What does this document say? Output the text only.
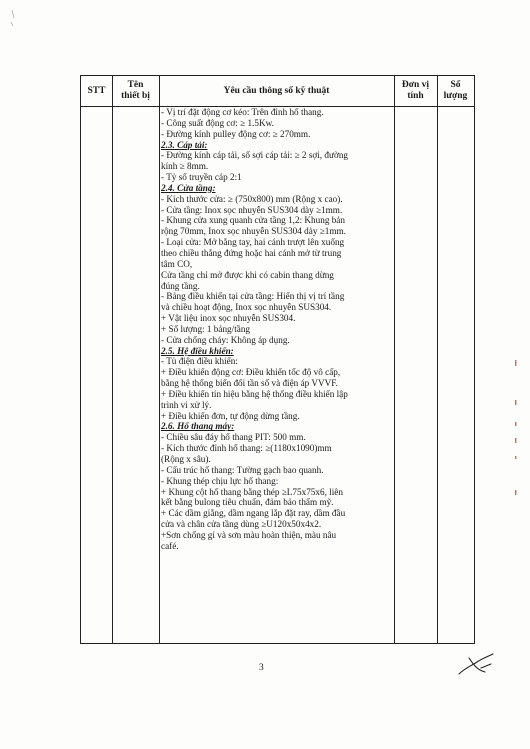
STT
Tên
thiết bị
Yêu cầu thông số kỹ thuật
Đơn vị
tính
Số
lượng
- Vị trí đặt động cơ kéo: Trên đỉnh hố thang.
- Công suất động cơ: ≥ 1.5Kw.
- Đường kính pulley động cơ: ≥ 270mm.
2.3. Cáp tải:
- Đường kính cáp tải, số sợi cáp tải: ≥ 2 sợi, đường
kính ≥ 8mm.
- Tỷ số truyền cáp 2:1
2.4. Cửa tầng:
- Kích thước cửa: ≥ (750x800) mm (Rộng x cao).
- Cửa tầng: Inox sọc nhuyễn SUS304 dày ≥1mm.
- Khung cửa xung quanh cửa tầng 1,2: Khung bản
rộng 70mm, Inox sọc nhuyễn SUS304 dày ≥1mm.
- Loại cửa: Mở bằng tay, hai cánh trượt lên xuống
theo chiều thẳng đứng hoặc hai cánh mở từ trung
tâm CO,
Cửa tầng chỉ mở được khi có cabin thang dừng
đúng tầng.
- Bảng điều khiển tại cửa tầng: Hiển thị vị trí tầng
và chiều hoạt động, Inox sọc nhuyễn SUS304.
+ Vật liệu inox sọc nhuyễn SUS304.
+ Số lượng: 1 bảng/tầng
- Cửa chống cháy: Không áp dụng.
2.5. Hệ điều khiển:
- Tủ điện điều khiển:
+ Điều khiển động cơ: Điều khiển tốc độ vô cấp,
bằng hệ thống biến đổi tần số và điện áp VVVF.
+ Điều khiển tín hiệu bằng hệ thống điều khiển lập
trình vi xử lý.
+ Điều khiển đơn, tự động dừng tầng.
2.6. Hố thang máy:
- Chiều sâu đáy hố thang PIT: 500 mm.
- Kích thước đỉnh hố thang: ≥(1180x1090)mm
(Rộng x sâu).
- Cấu trúc hố thang: Tường gạch bao quanh.
- Khung thép chịu lực hố thang:
+ Khung cột hố thang bằng thép ≥L75x75x6, liên
kết bằng bulong tiêu chuẩn, đảm bảo thẩm mỹ.
+ Các dầm giằng, dầm ngang lắp đặt ray, dầm đầu
cửa và chân cửa tầng dùng ≥U120x50x4x2.
+Sơn chống gỉ và sơn màu hoàn thiện, màu nâu
café.
3
